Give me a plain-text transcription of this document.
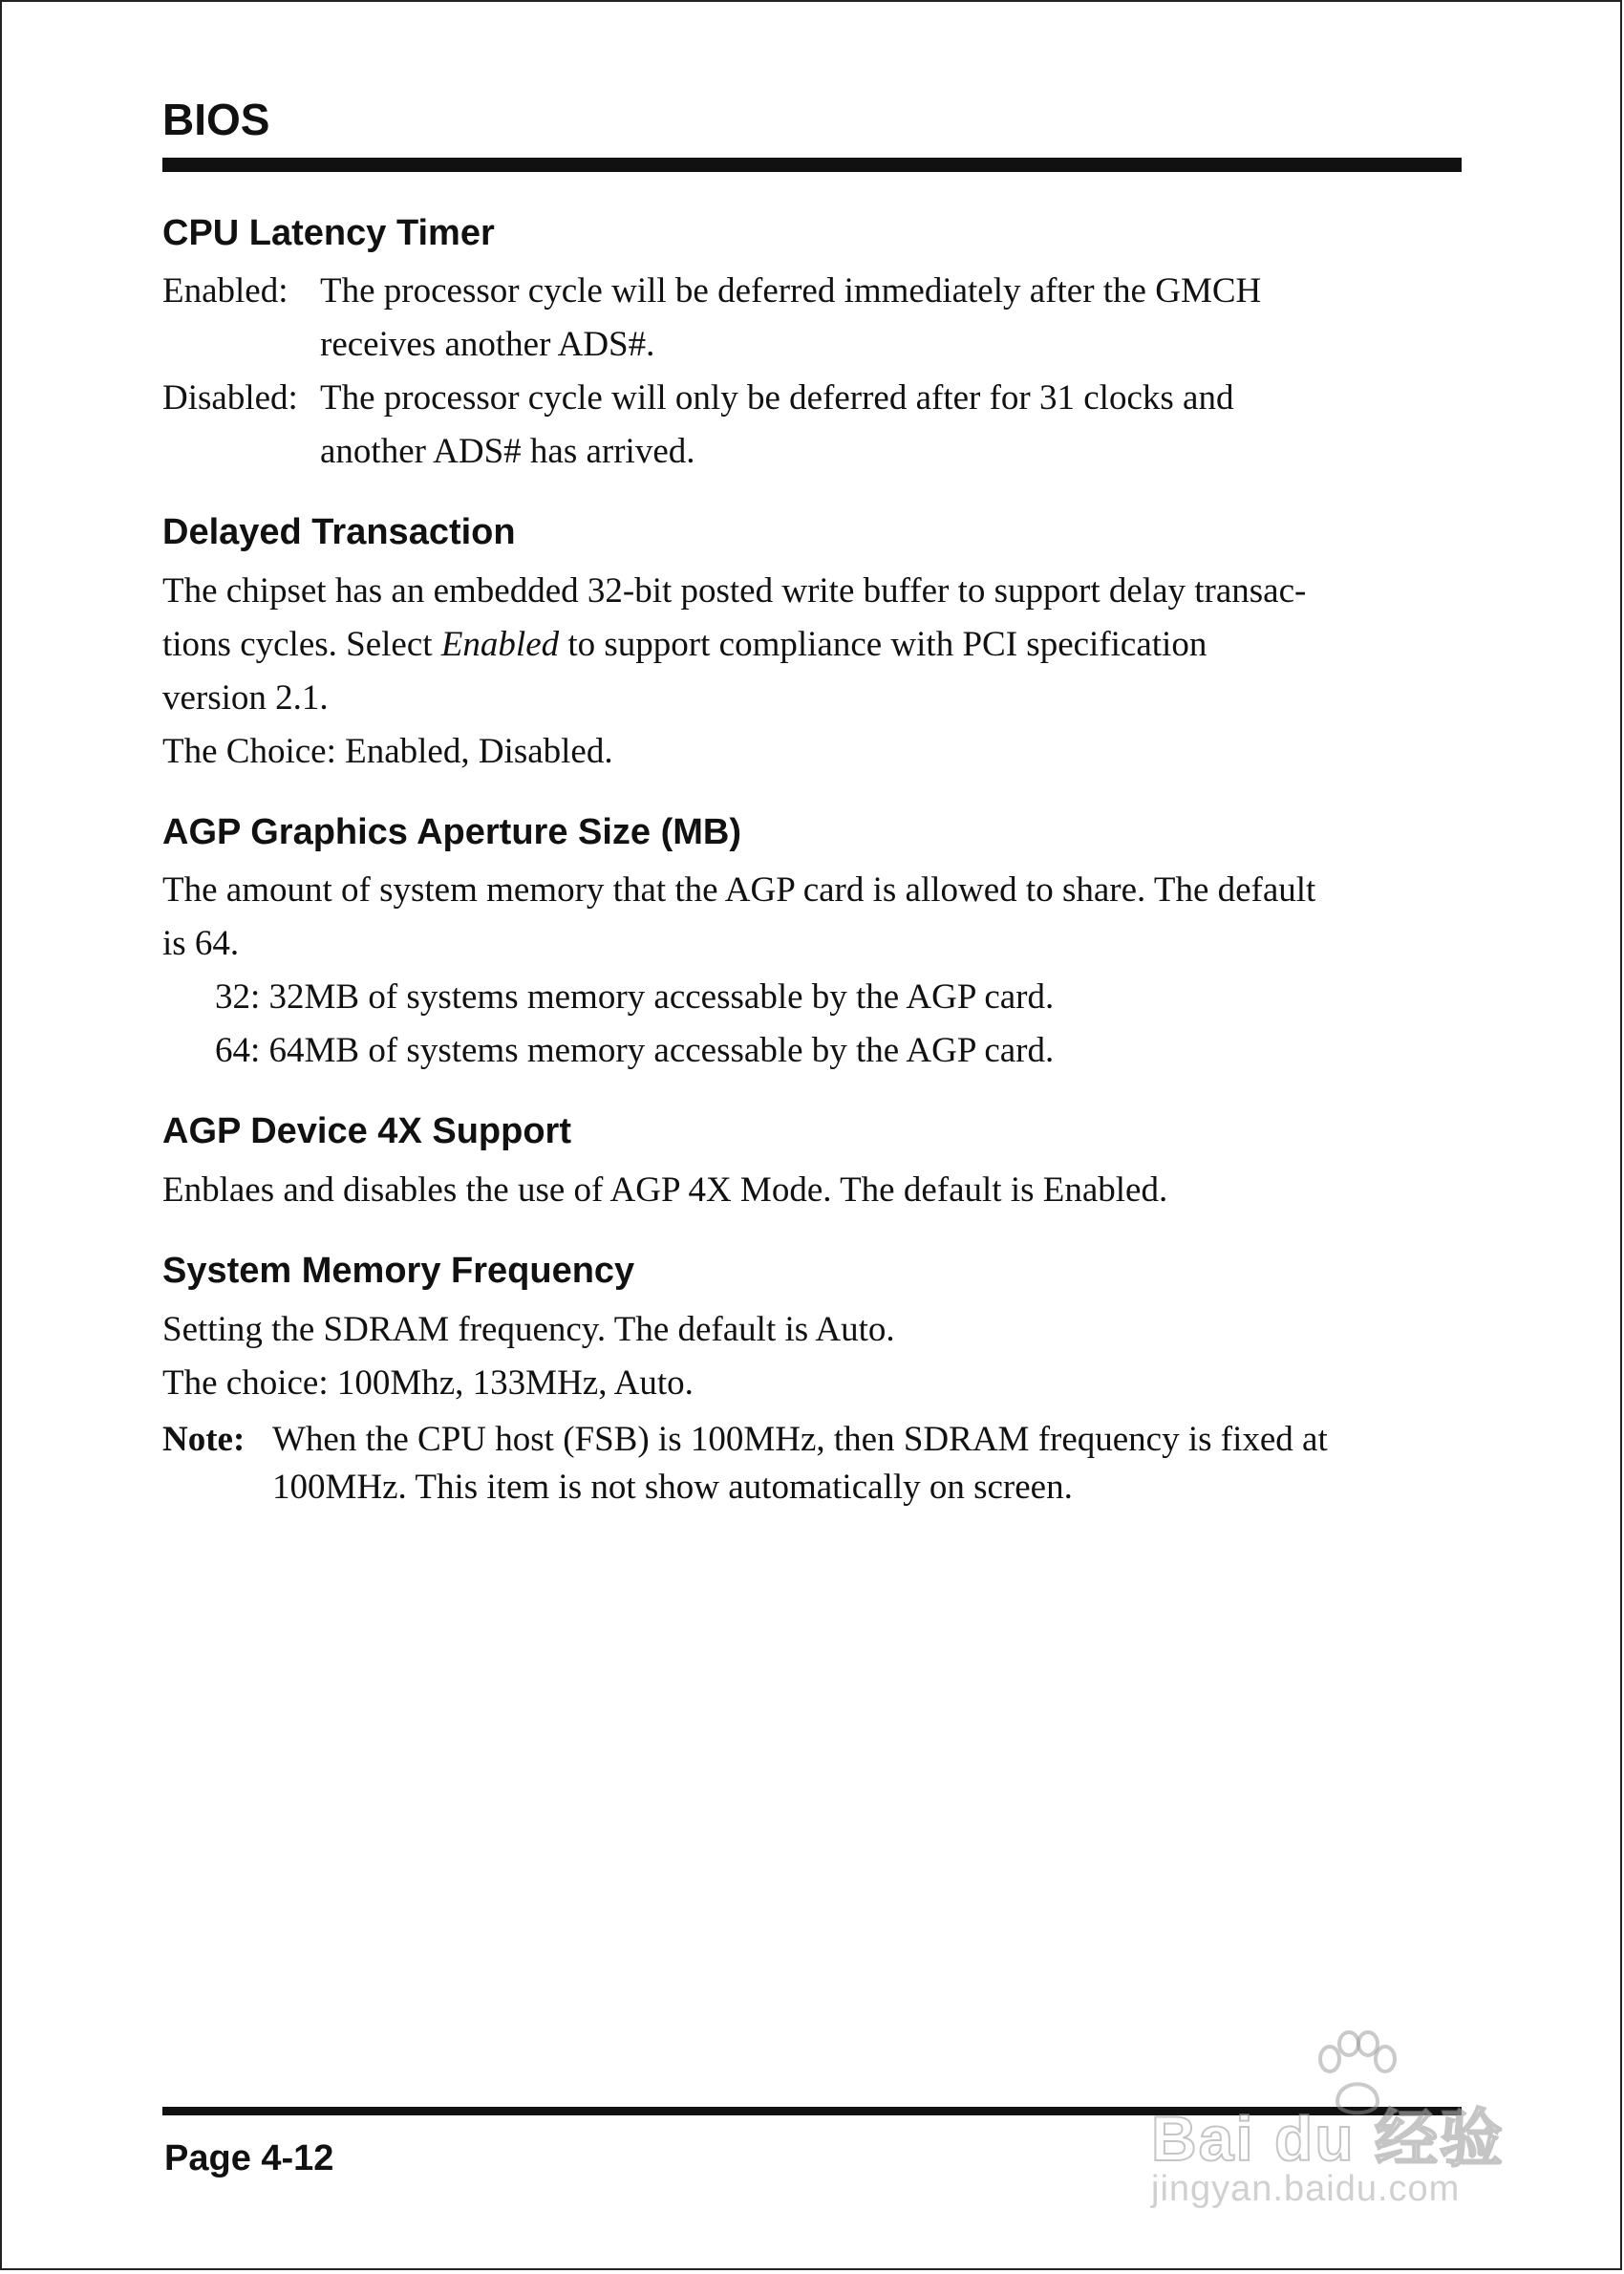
BIOS
CPU Latency Timer
Enabled: The processor cycle will be deferred immediately after the GMCH
receives another ADS#.
Disabled: The processor cycle will only be deferred after for 31 clocks and
another ADS# has arrived.
Delayed Transaction

The chipset has an embedded 32-bit posted write buffer to support delay transac-
tions cycles. Select Enabled to support compliance with PCI specification
version 2.1.
The Choice: Enabled, Disabled.

AGP Graphics Aperture Size (MB)

The amount of system memory that the AGP card is allowed to share. The default
is 64.

32: 32MB of systems memory accessable by the AGP card.
64: 64MB of systems memory accessable by the AGP card.
AGP Device 4X Support

Enblaes and disables the use of AGP 4X Mode. The default is Enabled.

System Memory Frequency

Setting the SDRAM frequency. The default is Auto.
The choice: 100Mhz, 133MHz, Auto.

Note: When the CPU host (FSB) is 100MHz, then SDRAM frequency is fixed at
100MHz. This item is not show automatically on screen.
Page 4-12	Bai du 经验
jingyan.baidu.com
